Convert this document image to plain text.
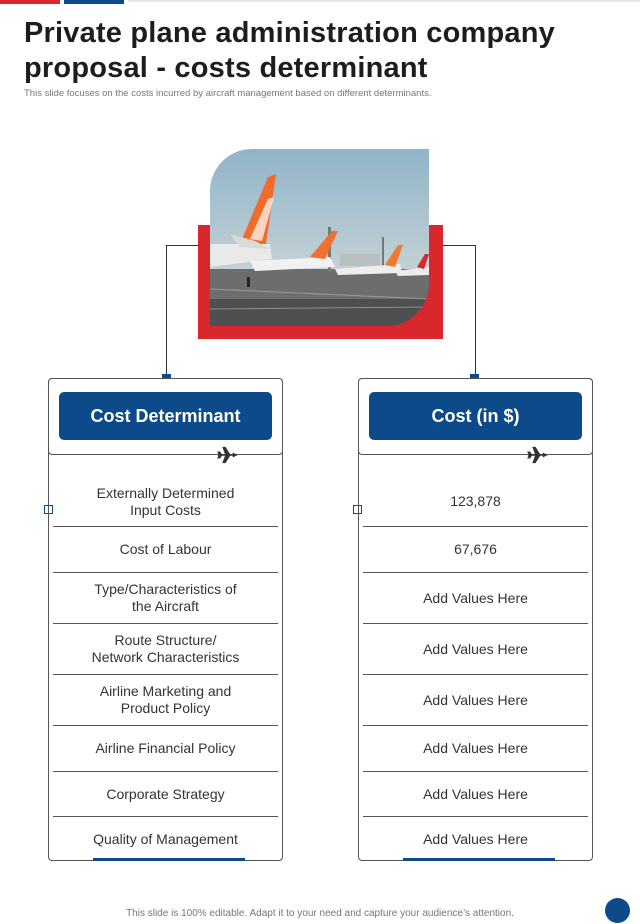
Private plane administration company proposal - costs determinant

This slide focuses on the costs incurred by aircraft management based on different determinants.

Cost Determinant
Externally Determined
Input Costs
Cost of Labour
Type/Characteristics of
the Aircraft
Route Structure/
Network Characteristics
Airline Marketing and
Product Policy
Airline Financial Policy
Corporate Strategy
Quality of Management
Cost (in $)
123,878
67,676
Add Values Here
Add Values Here
Add Values Here
Add Values Here
Add Values Here
Add Values Here

This slide is 100% editable. Adapt it to your need and capture your audience’s attention.
